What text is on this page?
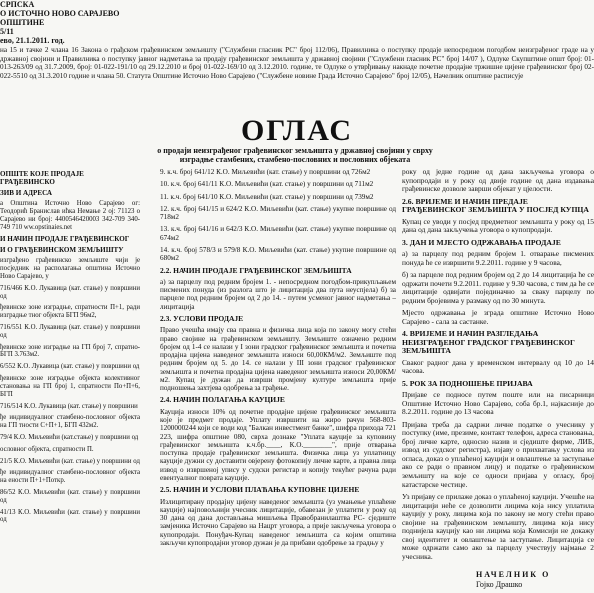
СРПСКА
О ИСТОЧНО НОВО САРАЈЕВО
ОПШТИНЕ
5/11
ево, 21.1.2011. год.
на 15 и тачке 2 члана 16 Закона о грађском грађевинском земљишту ("Службени гласник РС" број 112/06), Правилника о поступку продаје непосредном погодбом неизграђеног граде на у државној својини и Правилника о поступку јавног надметања за продају грађевинског земљишта у државној својини ("Службени гласник РС" број 14/07 ), Одлуке Скупштине општ број: 01-013-263/09 од 31.7.2009, број: 01-022-191/10 од 29.12.2010 и број 01-022-169/10 од 3.12.2010. године, те Одлуке о утврђивању накнаде почетне продајне тржишне цијене грађевинског број 02-022-5510 од 31.3.2010 године и члана 50. Статута Општине Источно Ново Сарајево ("Службене новине Града Источно Сарајево" број 12/05), Начелник општине расписује
ОГЛАС
о продаји неизграђеног грађевинског земљишта у државној својини у сврху изградње стамбених, стамбено-пословних и пословних објеката
ОПШТЕ КОЈЕ ПРОДАЈЕ ГРАЂЕВИНСКО
ЗИВ И АДРЕСА

а Општина Источно Ново Сарајево ог: Теодорић Бранислав ићка Немање 2 ој: 71123 о Сарајево ни број: 4400546420003 342-709 340-749 710 ww.opstinaies.net

И НАЧИН ПРОДАЈЕ ГРАЂЕВИНСКОГ
И О ГРАЂЕВИНСКОМ ЗЕМЉИШТУ

изграђено грађевинско земљиште чији је посједник на располагања општина Источно Ново Сарајево, у

716/466 К.О. Лукавица (кат. стање) у површини од

ђевинске зоне изградње, спратности П+1, ради изградње тног објекта БГП 96м2,

716/551 К.О. Лукавица (кат. стање) у површини од

ђевинске зоне изградње на ГП број 7, спратно- БГП 3.763м2.

6/552 К.О. Лукавица (кат. стање) у површини од

ђевинске зоне изградње објекта колективног становања на ГП број 1, спратности По+П+6, БГП

716/514 К.О. Лукавица (кат. стање) у површини

ђе индивидуалног стамбено-пословног објекта на ГП тности С+П+1, БГП 432м2.

79/4 К.О. Миљевићи (кат.стање) у површини од

ословног објекта, спратности П.

21/5 К.О. Миљевићи (кат. стање) у површини од

ђе индивидуалног стамбено-пословног објекта на ености П+1+Поткр.

86/52 К.О. Миљевићи (кат. стање) у површини од

41/13 К.О. Миљевићи (кат. стање) у површини од

9. к.ч. број 641/12 К.О. Миљевићи (кат. стање) у површини од 726м2

10. к.ч. број 641/11 К.О. Миљевићи (кат. стање) у површини од 711м2

11. к.ч. број 641/10 К.О. Миљевићи (кат. стање) у површини од 739м2

12. к.ч. број 641/15 и 624/2 К.О. Миљевићи (кат. стање) укупне површине од 718м2

13. к.ч. број 641/16 и 642/3 К.О. Миљевићи (кат. стање) укупне површине од 674м2

14. к.ч. број 578/3 и 579/8 К.О. Миљевићи (кат. стање) укупне површине од 680м2

2.2. НАЧИН ПРОДАЈЕ ГРАЂЕВИНСКОГ ЗЕМЉИШТА

а) за парцелу под редним бројем 1. - непосредном погодбом-прикупљањем писмених понуда (из разлога што је лицитација два пута неуспјела) б) за парцеле под редним бројем од 2 до 14. - путем усменог јавног надметања – лицитација

2.3. УСЛОВИ ПРОДАЈЕ

Право учешћа имају сва правна и физичка лица која по закону могу стећи право својине на грађевинском земљишту. Земљиште означено редним бројем од 1-4 се налази у I зони градског грађевинског земљишта и почетна продајна цијена наведеног земљишта износи 60,00КМ/м2. Земљиште под редним бројем од 5. до 14. се налази у III зони градског грађевинског земљишта и почетна продајна цијена наведеног земљишта износи 20,00КМ/м2. Купац је дужан да изврши промјену културе земљишта прије подношења захтјева одобрења за грађење.

2.4. НАЧИН ПОЛАГАЊА КАУЦИЈЕ

Кауција износи 10% од почетне продајне цијене грађевинског земљишта које је предмет продаје. Уплату извршити на жиро рачун 568-803-1200000244 који се води код "Балкан инвестмент банке", шифра прихода 721 223, шифра општине 080, сврха дознаке "Уплата кауције за куповину грађевинског земљишта к.ч.бр.____, К.О.________", прије отварања поступка продаје грађевинског земљишта. Физичка лица уз уплатницу кауције дужни су доставити овјерену фотокопију личне карте, а правна лица извод о извршеној упису у судски регистар и копију текућег рачуна ради евентуалног поврата кауције.

2.5. НАЧИН И УСЛОВИ ПЛАЋАЊА КУПОВНЕ ЦИЈЕНЕ

Излицитирану продајну цијену наведеног земљишта (уз умањење уплаћене кауције) најповољнији учесник лицитације, обавезан је уплатити у року од 30 дана од дана достављања мишљења Правобранилаштва РС- сједиште замјеника Источно Сарајево на Нацрт уговора, а прије закључења уговора о купопродаји. Понуђач-Купац наведеног земљишта са којим општина закључи купопродајни уговор дужан је да прибави одобрење за градњу у

року од једне године од дана закључења уговора о купопродаји и у року од двије године од дана издавања грађевинске дозволе заврши објекат у цјелости.

2.6. ВРИЈЕМЕ И НАЧИН ПРЕДАЈЕ ГРАЂЕВИНСКОГ ЗЕМЉИШТА У ПОСЈЕД КУПЦА

Купац се уводи у посјед предметног земљишта у року од 15 дана од дана закључења уговора о купопродаји.

3. ДАН И МЈЕСТО ОДРЖАВАЊА ПРОДАЈЕ

а) за парцелу под редним бројем 1. отварање писмених понуда ће се извршити 9.2.2011. године у 9 часова,

б) за парцеле под редним бројем од 2 до 14 лицитација ће се одржати почети 9.2.2011. године у 9.30 часова, с тим да ће се лицитације одвијати појединачно за сваку парцелу по редним бројевима у размаку од по 30 минута.

Мјесто одржавања је зграда општине Источно Ново Сарајево - сала за састанке.

4. ВРИЈЕМЕ И НАЧИН РАЗГЛЕДАЊА НЕИЗГРАЂЕНОГ ГРАДСКОГ ГРАЂЕВИНСКОГ ЗЕМЉИШТА

Сваког радног дана у временском интервалу од 10 до 14 часова.

5. РОК ЗА ПОДНОШЕЊЕ ПРИЈАВА

Пријаве се подносе путем поште или на писарници Општине Источно Ново Сарајево, соба бр.1, најкасније до 8.2.2011. године до 13 часова

Пријава треба да садржи личне податке о учеснику у поступку (име, презиме, контакт телефон, адреса становања, број личне карте, односно назив и сједиште фирме, ЛИБ, извод из судског регистра), изјаву о прихватању услова из огласа, доказ о уплаћеној кауцији и овлаштење за заступање ако се ради о правном лицу) и податке о грађевинском земљишту на које се односи пријава у огласу, број катастарске честице.

Уз пријаву се прилаже доказ о уплаћеној кауцији. Учешће на лицитацији неће се дозволити лицима која нису уплатила кауцију у року, лицима која по закону не могу стећи право својине на грађевинском земљишту, лицима која нису поднијела кауцију као ни лицима која Комисији не докажу свој идентитет и овлаштење за заступање. Лицитација се може одржати само ако за парцелу учествују најмање 2 учесника.

НАЧЕЛНИК О
Гојко Драшко
